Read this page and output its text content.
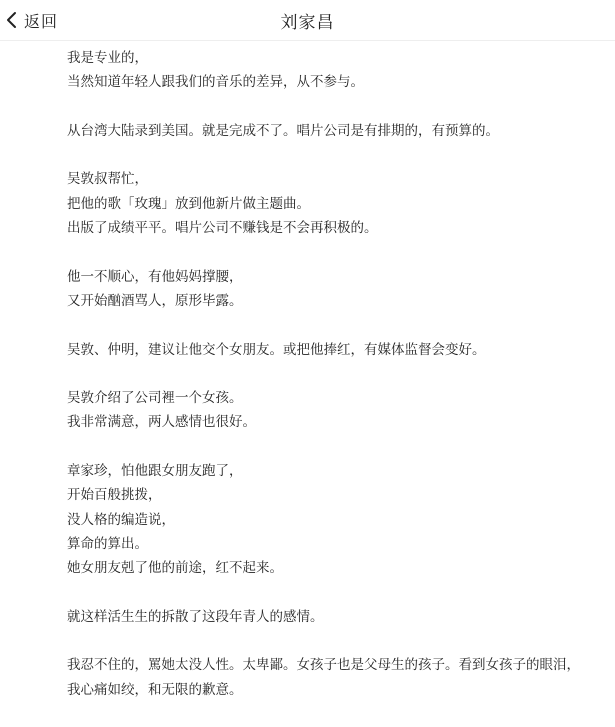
返回	刘家昌
我是专业的，
当然知道年轻人跟我们的音乐的差异，从不参与。
从台湾大陆录到美国。就是完成不了。唱片公司是有排期的，有预算的。
吴敦叔帮忙，
把他的歌「玫瑰」放到他新片做主题曲。
出版了成绩平平。唱片公司不赚钱是不会再积极的。
他一不顺心，有他妈妈撑腰，
又开始酗酒骂人，原形毕露。
吴敦、仲明，建议让他交个女朋友。或把他捧红，有媒体监督会变好。
吴敦介绍了公司裡一个女孩。
我非常满意，两人感情也很好。
章家珍，怕他跟女朋友跑了，
开始百般挑拨，
没人格的编造说，
算命的算出。
她女朋友剋了他的前途，红不起来。
就这样活生生的拆散了这段年青人的感情。
我忍不住的，罵她太没人性。太卑鄙。女孩子也是父母生的孩子。看到女孩子的眼泪，
我心痛如绞，和无限的歉意。
